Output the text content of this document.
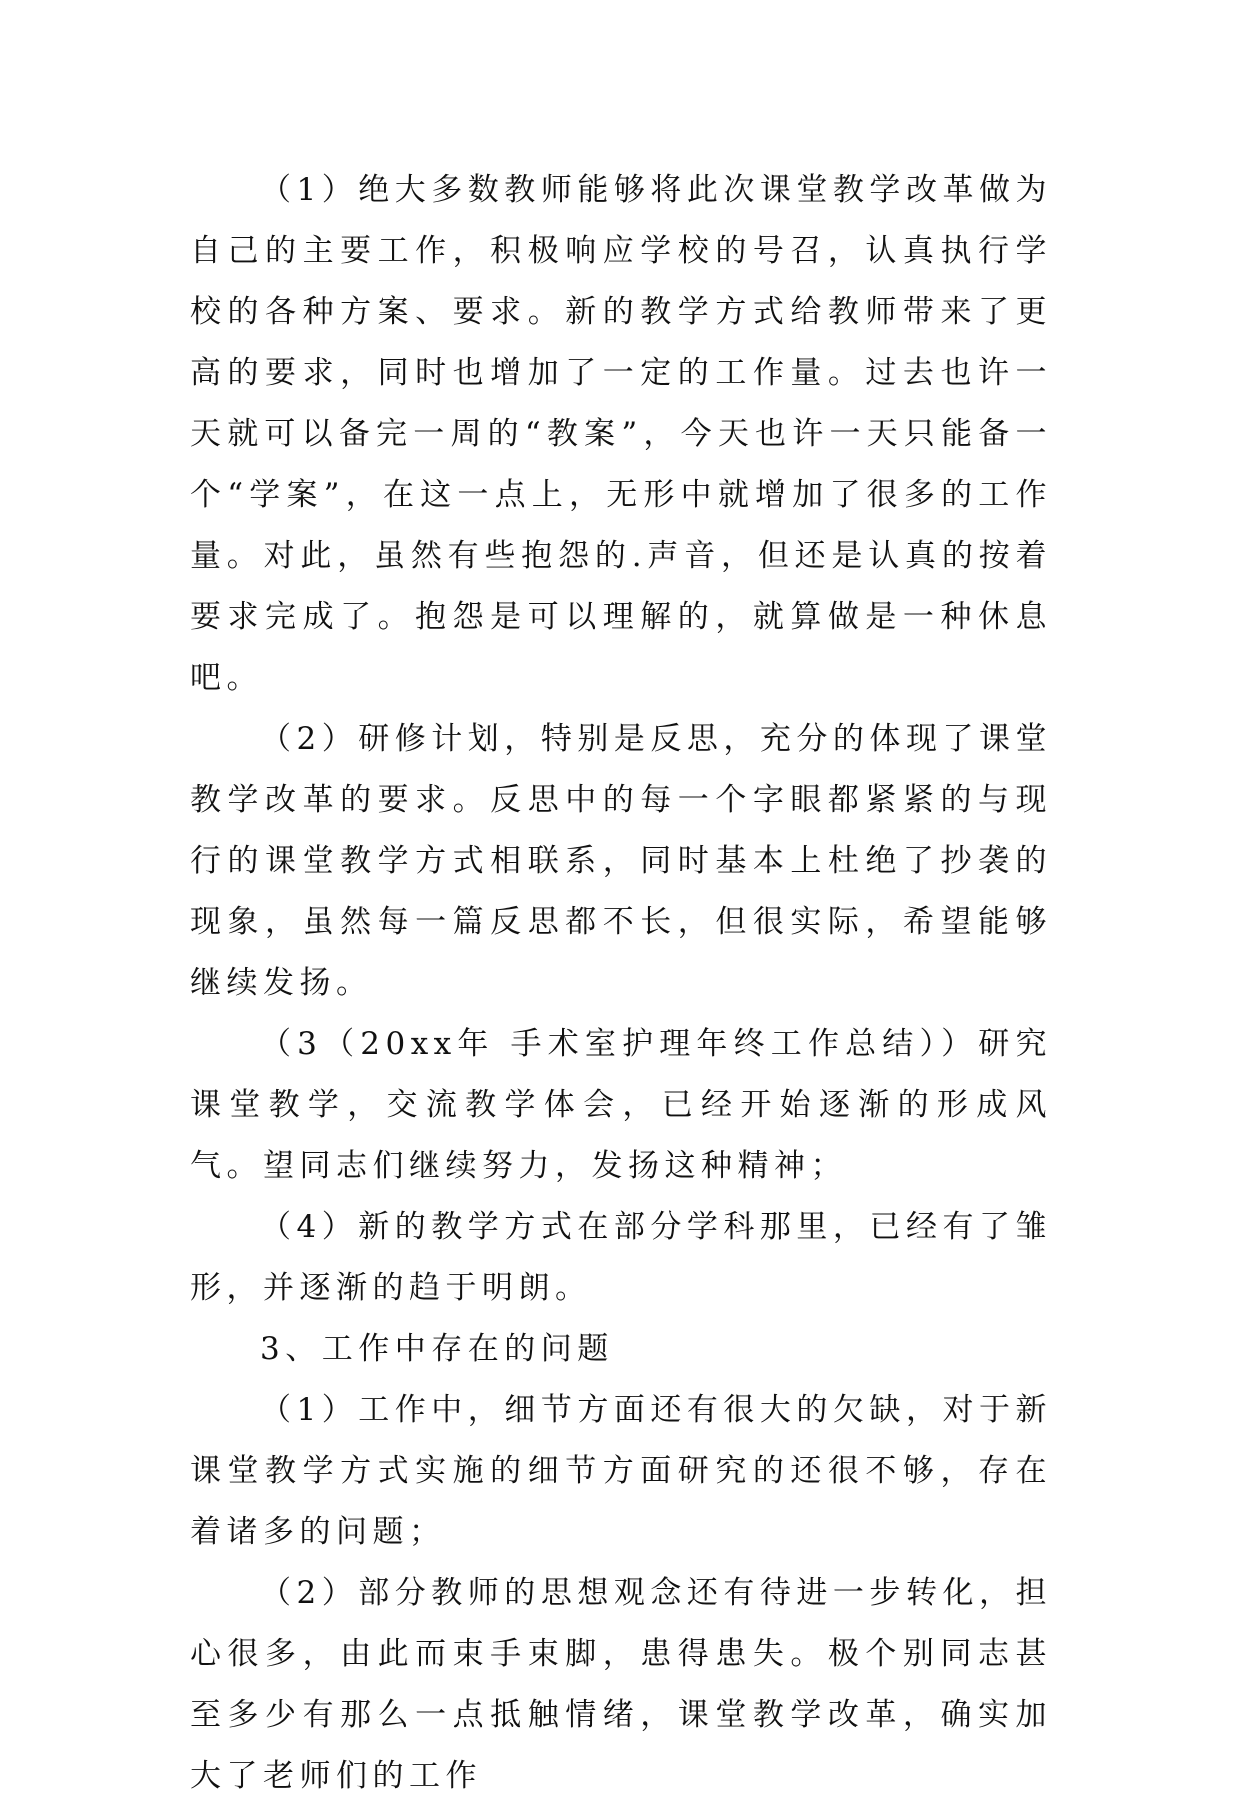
（1）绝大多数教师能够将此次课堂教学改革做为自己的主要工作，积极响应学校的号召，认真执行学校的各种方案、要求。新的教学方式给教师带来了更高的要求，同时也增加了一定的工作量。过去也许一天就可以备完一周的“教案”，今天也许一天只能备一个“学案”，在这一点上，无形中就增加了很多的工作量。对此，虽然有些抱怨的.声音，但还是认真的按着要求完成了。抱怨是可以理解的，就算做是一种休息吧。

（2）研修计划，特别是反思，充分的体现了课堂教学改革的要求。反思中的每一个字眼都紧紧的与现行的课堂教学方式相联系，同时基本上杜绝了抄袭的现象，虽然每一篇反思都不长，但很实际，希望能够继续发扬。

（3（20xx年 手术室护理年终工作总结））研究课堂教学，交流教学体会，已经开始逐渐的形成风气。望同志们继续努力，发扬这种精神；

（4）新的教学方式在部分学科那里，已经有了雏形，并逐渐的趋于明朗。

3、工作中存在的问题

（1）工作中，细节方面还有很大的欠缺，对于新课堂教学方式实施的细节方面研究的还很不够，存在着诸多的问题；

（2）部分教师的思想观念还有待进一步转化，担心很多，由此而束手束脚，患得患失。极个别同志甚至多少有那么一点抵触情绪，课堂教学改革，确实加大了老师们的工作
